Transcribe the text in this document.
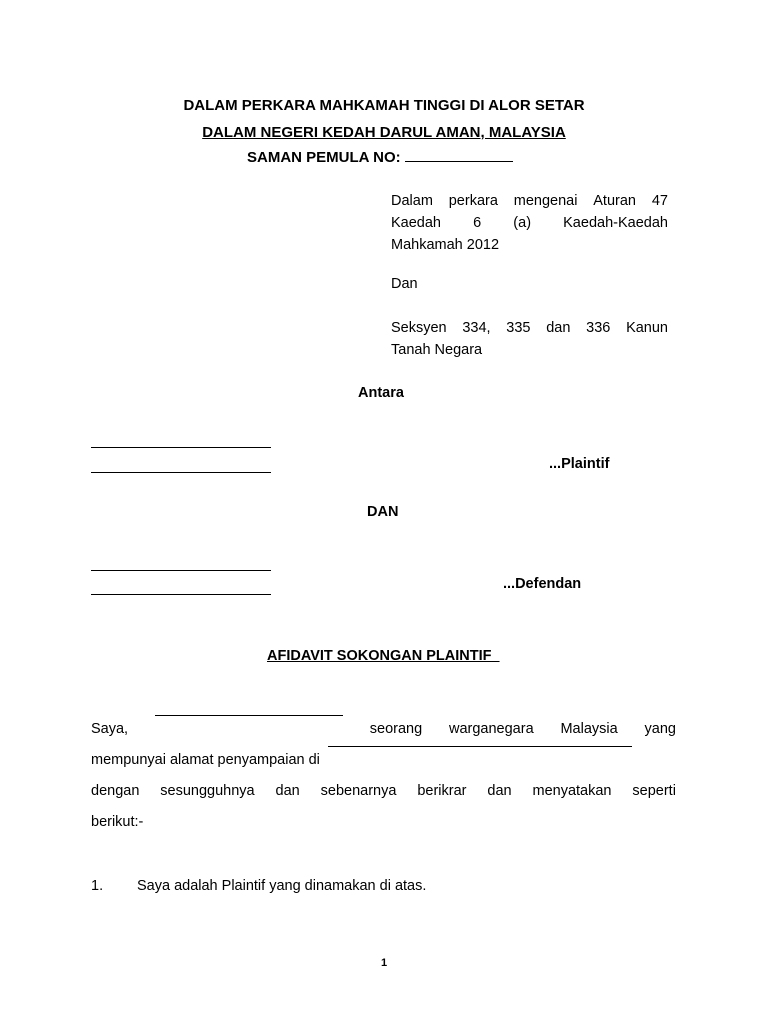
DALAM PERKARA MAHKAMAH TINGGI DI ALOR SETAR
DALAM NEGERI KEDAH DARUL AMAN, MALAYSIA
SAMAN PEMULA NO:
Dalam perkara mengenai Aturan 47
Kaedah 6 (a) Kaedah-Kaedah
Mahkamah 2012
Dan
Seksyen 334, 335 dan 336 Kanun
Tanah Negara
Antara
...Plaintif
DAN
...Defendan
AFIDAVIT SOKONGAN PLAINTIF
Saya,	seorang warganegara Malaysia yang
mempunyai alamat penyampaian di
dengan sesungguhnya dan sebenarnya berikrar dan menyatakan seperti
berikut:-
1. Saya adalah Plaintif yang dinamakan di atas.
1
